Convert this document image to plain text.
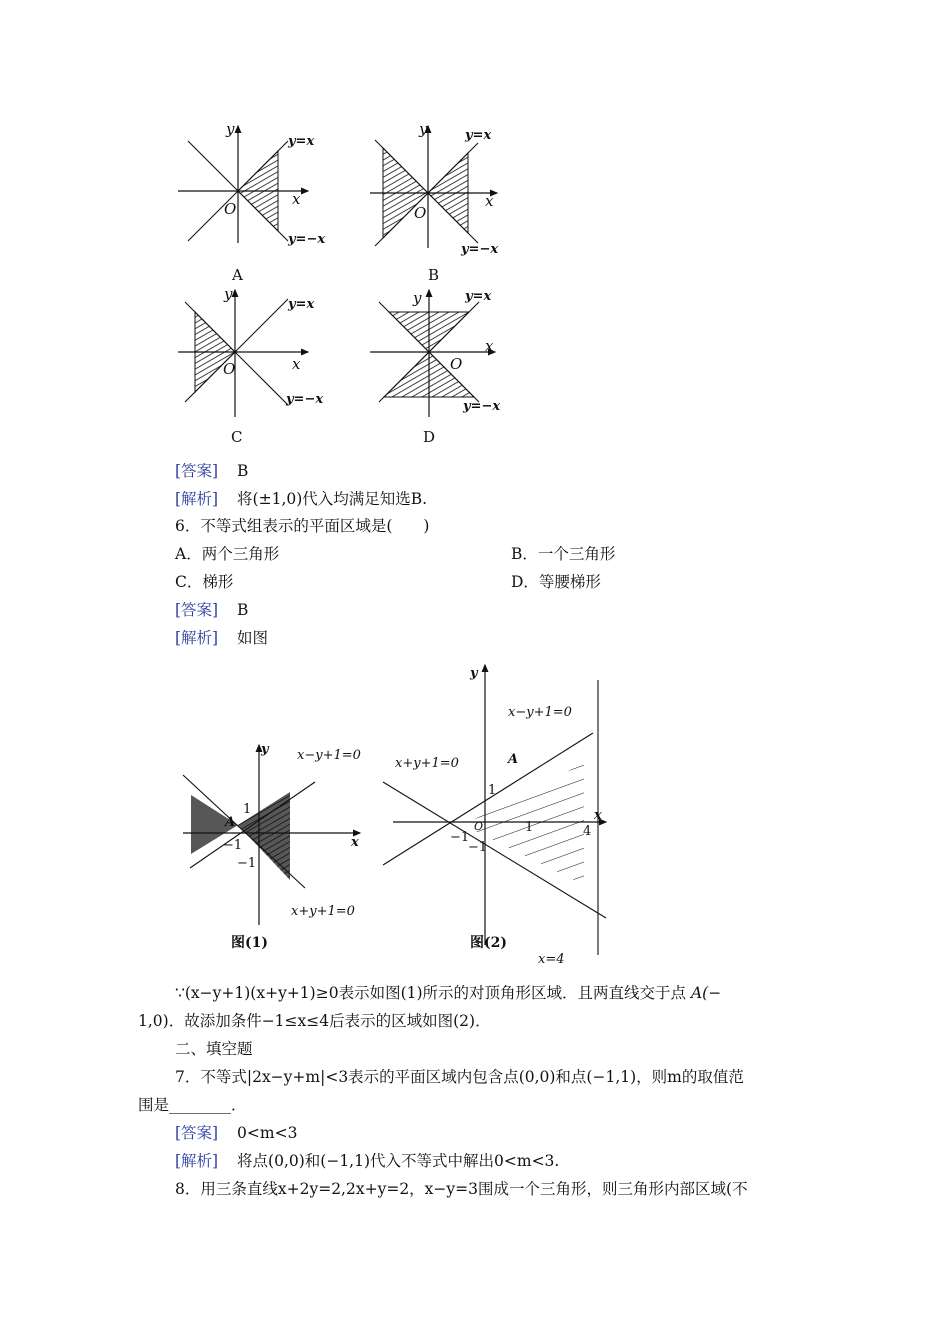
y
x
O
y=x
y=−x
A
y
x
O
y=x
y=−x
B
y
x
O
y=x
y=−x
C
y
x
O
y=x
y=−x
D
[答案] B
[解析] 将(±1,0)代入均满足知选B.
6．不等式组表示的平面区域是(　　)
A．两个三角形	B．一个三角形
C．梯形	D．等腰梯形
[答案] B
[解析] 如图
y
x
x−y+1=0
x+y+1=0
A
1
−1
−1
图(1)
y
x
x−y+1=0
x+y+1=0
x=4
A
O
1
1	4
−1
−1
图(2)
∵(x−y+1)(x+y+1)≥0表示如图(1)所示的对顶角形区域．且两直线交于点 A(−
1,0)．故添加条件−1≤x≤4后表示的区域如图(2)．
二、填空题
7．不等式|2x−y+m|<3表示的平面区域内包含点(0,0)和点(−1,1)，则m的取值范
围是________．
[答案] 0<m<3
[解析] 将点(0,0)和(−1,1)代入不等式中解出0<m<3.
8．用三条直线x+2y=2,2x+y=2，x−y=3围成一个三角形，则三角形内部区域(不
